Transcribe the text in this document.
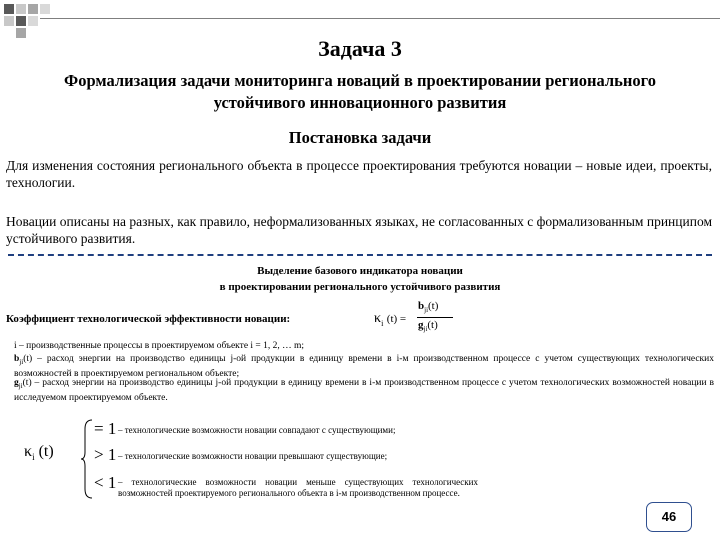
Задача 3
Формализация задачи мониторинга новаций в проектировании регионального устойчивого инновационного развития
Постановка задачи
Для изменения состояния регионального объекта в процессе проектирования требуются новации – новые идеи, проекты, технологии.
Новации описаны на разных, как правило, неформализованных языках, не согласованных с формализованным принципом устойчивого развития.
Выделение базового индикатора новации
в проектировании регионального устойчивого развития
Коэффициент технологической эффективности новации:	$\kappa_i$ (t) =
$b_{ji}(t)$
$g_{ji}(t)$
i – производственные процессы в проектируемом объекте i = 1, 2, … m;
$b_{ji}(t)$ – расход энергии на производство единицы j-ой продукции в единицу времени в i-м производственном процессе с учетом существующих технологических возможностей в проектируемом региональном объекте;
$g_{ji}(t)$ – расход энергии на производство единицы j-ой продукции в единицу времени в i-м производственном процессе с учетом технологических возможностей новации в исследуемом проектируемом объекте.
$\kappa_i$ (t)
= 1
> 1
< 1
– технологические возможности новации совпадают с существующими;
– технологические возможности новации превышают существующие;
– технологические возможности новации меньше существующих технологических возможностей проектируемого регионального объекта в i-м производственном процессе.
46
